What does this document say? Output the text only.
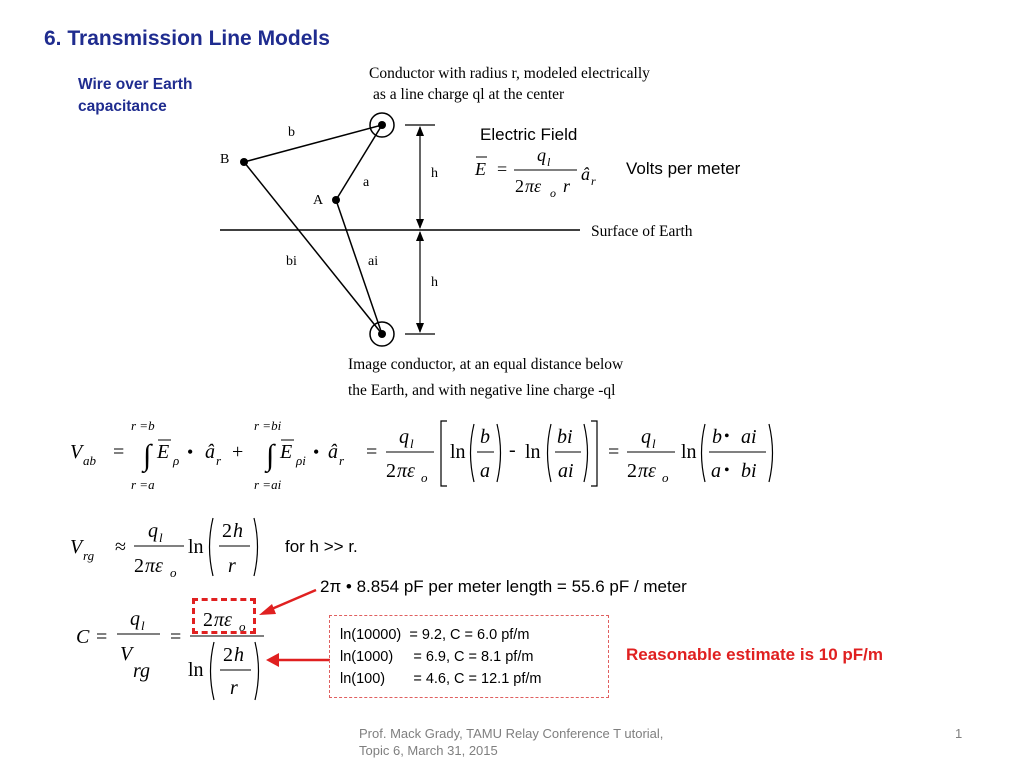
6. Transmission Line Models
Wire over Earth capacitance
E =
q l
2 πε o r
â r
V ab =
r =b
∫ E ρ • â r
r =a
+
r =bi
∫ E ρi • â r
r =ai
=
q l
2 πε o
ln
b
a
- ln
bi
ai
=
q l
2 πε o
ln
b • ai
a • bi
V rg ≈
q l
2 πε o
ln
2 h
r
C =
q l
V
rg
=
2 πε o
ln
2 h
r
Conductor with radius r, modeled electrically
as a line charge ql at the center
Image conductor, at an equal distance below
the Earth, and with negative line charge -ql
Surface of Earth
B
A
b
a
bi	ai
h
h
Electric Field
Volts per meter
for h >> r.
2π • 8.854 pF per meter length = 55.6 pF / meter
ln(10000)  = 9.2, C = 6.0 pf/m
ln(1000)     = 6.9, C = 8.1 pf/m
ln(100)       = 4.6, C = 12.1 pf/m
Reasonable estimate is 10 pF/m
Prof. Mack Grady, TAMU Relay Conference T utorial, Topic 6, March 31, 2015
1
